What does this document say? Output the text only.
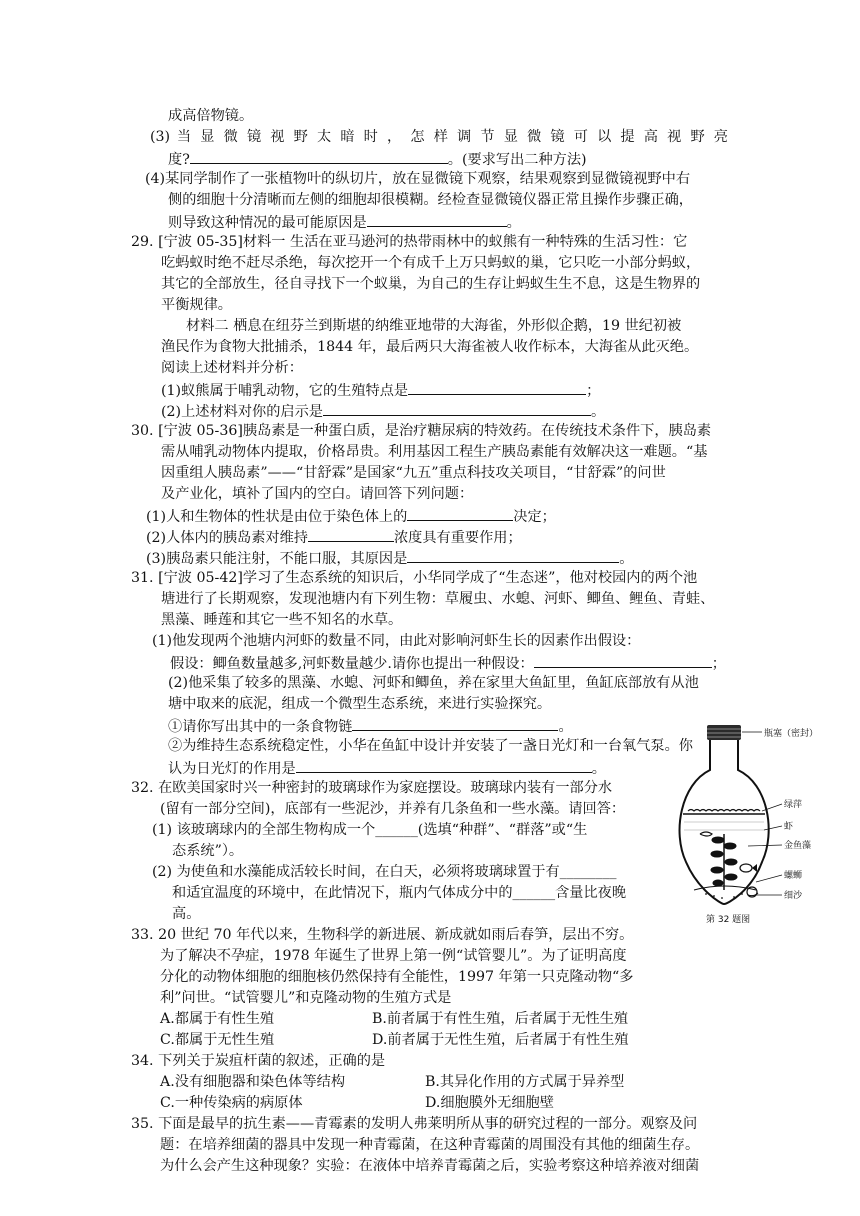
成高倍物镜。
(3) 当 显 微 镜 视 野 太 暗 时 ， 怎 样 调 节 显 微 镜 可 以 提 高 视 野 亮
度?	。(要求写出二种方法)
(4)某同学制作了一张植物叶的纵切片，放在显微镜下观察，结果观察到显微镜视野中右
侧的细胞十分清晰而左侧的细胞却很模糊。经检查显微镜仪器正常且操作步骤正确，
则导致这种情况的最可能原因是	。
29. [宁波 05-35]材料一 生活在亚马逊河的热带雨林中的蚁熊有一种特殊的生活习性：它
吃蚂蚁时绝不赶尽杀绝，每次挖开一个有成千上万只蚂蚁的巢，它只吃一小部分蚂蚁，
其它的全部放生，径自寻找下一个蚁巢，为自己的生存让蚂蚁生生不息，这是生物界的
平衡规律。
材料二 栖息在纽芬兰到斯堪的纳维亚地带的大海雀，外形似企鹅，19 世纪初被
渔民作为食物大批捕杀，1844 年，最后两只大海雀被人收作标本，大海雀从此灭绝。
阅读上述材料并分析：
(1)蚁熊属于哺乳动物，它的生殖特点是	；
(2)上述材料对你的启示是	。
30. [宁波 05-36]胰岛素是一种蛋白质，是治疗糖尿病的特效药。在传统技术条件下，胰岛素
需从哺乳动物体内提取，价格昂贵。利用基因工程生产胰岛素能有效解决这一难题。“基
因重组人胰岛素”——“甘舒霖”是国家“九五”重点科技攻关项目，“甘舒霖”的问世
及产业化，填补了国内的空白。请回答下列问题：
(1)人和生物体的性状是由位于染色体上的	决定；
(2)人体内的胰岛素对维持	浓度具有重要作用；
(3)胰岛素只能注射，不能口服，其原因是	。
31. [宁波 05-42]学习了生态系统的知识后，小华同学成了“生态迷”，他对校园内的两个池
塘进行了长期观察，发现池塘内有下列生物：草履虫、水螅、河虾、鲫鱼、鲤鱼、青蛙、
黑藻、睡莲和其它一些不知名的水草。
(1)他发现两个池塘内河虾的数量不同，由此对影响河虾生长的因素作出假设：
假设：鲫鱼数量越多,河虾数量越少.请你也提出一种假设：	；
(2)他采集了较多的黑藻、水螅、河虾和鲫鱼，养在家里大鱼缸里，鱼缸底部放有从池
塘中取来的底泥，组成一个微型生态系统，来进行实验探究。
①请你写出其中的一条食物链	。
②为维持生态系统稳定性，小华在鱼缸中设计并安装了一盏日光灯和一台氧气泵。你
认为日光灯的作用是	。
32. 在欧美国家时兴一种密封的玻璃球作为家庭摆设。玻璃球内装有一部分水
(留有一部分空间)，底部有一些泥沙，并养有几条鱼和一些水藻。请回答：
(1) 该玻璃球内的全部生物构成一个______(选填“种群”、“群落”或“生
态系统”）。
(2) 为使鱼和水藻能成活较长时间，在白天，必须将玻璃球置于有________
和适宜温度的环境中，在此情况下，瓶内气体成分中的______含量比夜晚
高。
33. 20 世纪 70 年代以来，生物科学的新进展、新成就如雨后春笋，层出不穷。
为了解决不孕症，1978 年诞生了世界上第一例“试管婴儿”。为了证明高度
分化的动物体细胞的细胞核仍然保持有全能性，1997 年第一只克隆动物“多
利”问世。“试管婴儿”和克隆动物的生殖方式是
A.都属于有性生殖	B.前者属于有性生殖，后者属于无性生殖
C.都属于无性生殖	D.前者属于无性生殖，后者属于有性生殖
34. 下列关于炭疽杆菌的叙述，正确的是
A.没有细胞器和染色体等结构	B.其异化作用的方式属于异养型
C.一种传染病的病原体	D.细胞膜外无细胞壁
35. 下面是最早的抗生素——青霉素的发明人弗莱明所从事的研究过程的一部分。观察及问
题：在培养细菌的器具中发现一种青霉菌，在这种青霉菌的周围没有其他的细菌生存。
为什么会产生这种现象？实验：在液体中培养青霉菌之后，实验考察这种培养液对细菌
瓶塞（密封）
绿萍
虾
金鱼藻
螺蛳
细沙
第 32 题图
